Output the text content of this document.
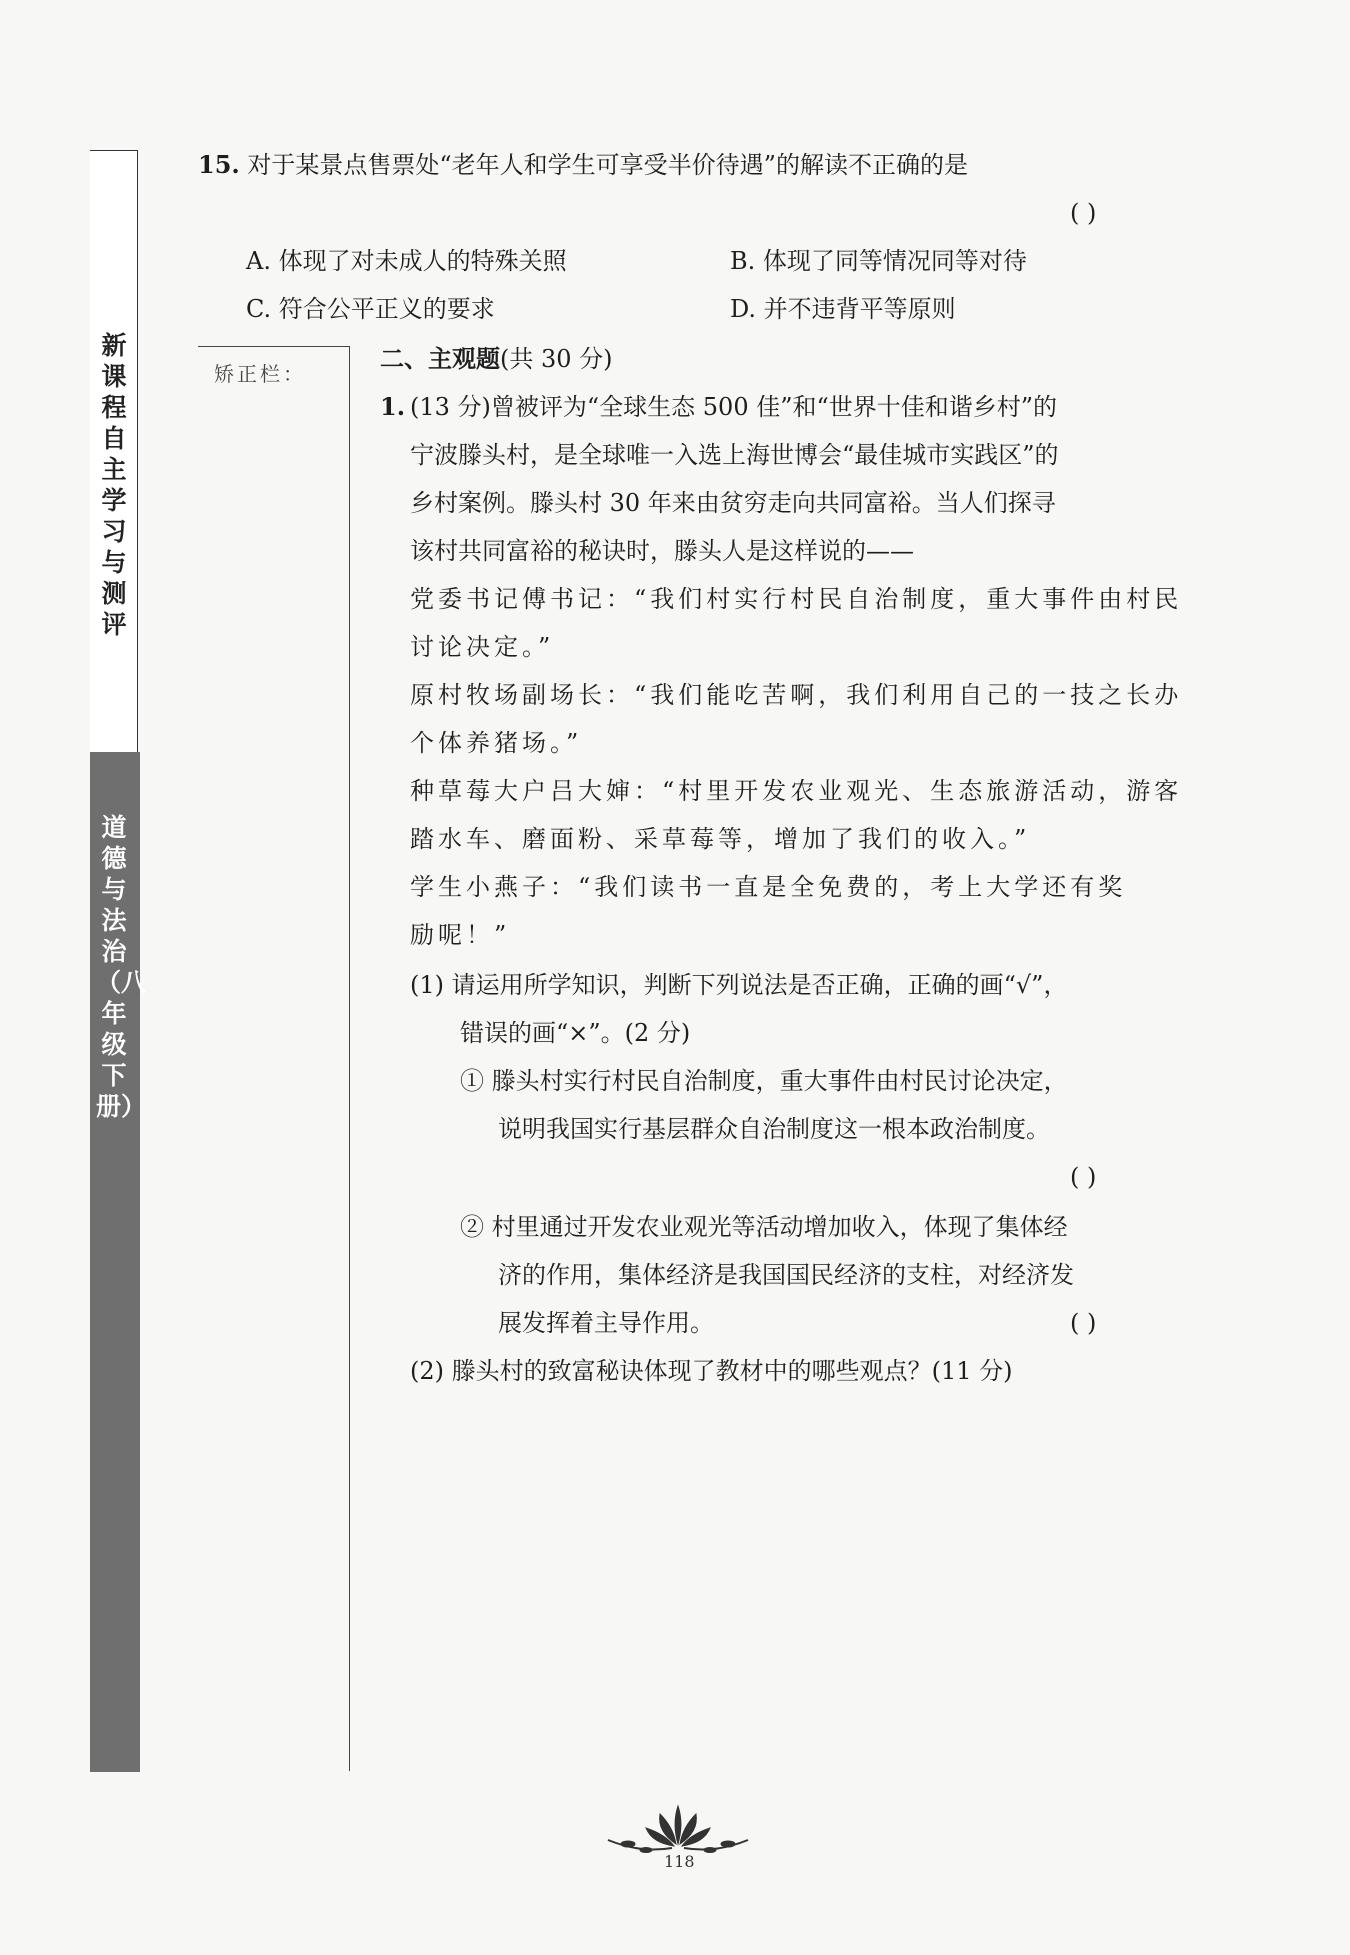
新课程自主学习与测评
道德与法治（八年级下册）
矫正栏：
15. 对于某景点售票处“老年人和学生可享受半价待遇”的解读不正确的是
( )
A. 体现了对未成人的特殊关照	B. 体现了同等情况同等对待
C. 符合公平正义的要求	D. 并不违背平等原则
二、主观题(共 30 分)
1. (13 分)曾被评为“全球生态 500 佳”和“世界十佳和谐乡村”的
宁波滕头村，是全球唯一入选上海世博会“最佳城市实践区”的
乡村案例。滕头村 30 年来由贫穷走向共同富裕。当人们探寻
该村共同富裕的秘诀时，滕头人是这样说的——
党委书记傅书记：“我们村实行村民自治制度，重大事件由村民
讨论决定。”
原村牧场副场长：“我们能吃苦啊，我们利用自己的一技之长办
个体养猪场。”
种草莓大户吕大婶：“村里开发农业观光、生态旅游活动，游客
踏水车、磨面粉、采草莓等，增加了我们的收入。”
学生小燕子：“我们读书一直是全免费的，考上大学还有奖
励呢！”
(1) 请运用所学知识，判断下列说法是否正确，正确的画“√”，
错误的画“×”。(2 分)
① 滕头村实行村民自治制度，重大事件由村民讨论决定，
说明我国实行基层群众自治制度这一根本政治制度。
( )
② 村里通过开发农业观光等活动增加收入，体现了集体经
济的作用，集体经济是我国国民经济的支柱，对经济发
展发挥着主导作用。	( )
(2) 滕头村的致富秘诀体现了教材中的哪些观点？(11 分)
118
